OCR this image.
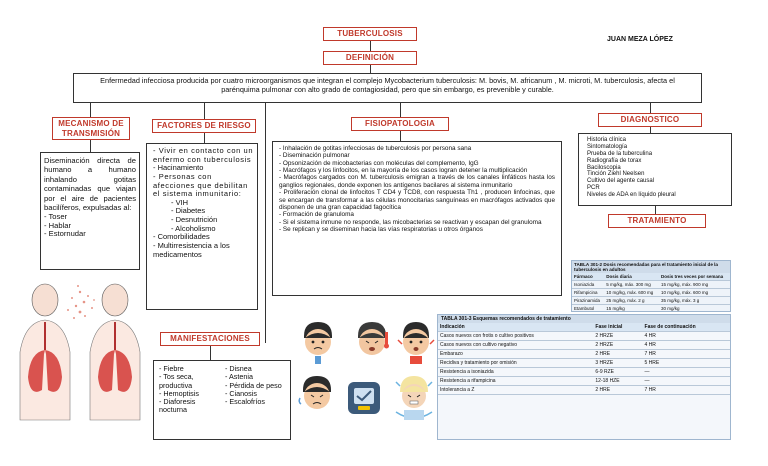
TUBERCULOSIS
DEFINICIÓN
JUAN MEZA LÓPEZ
Enfermedad infecciosa producida por cuatro microorganismos que integran el complejo Mycobacterium tuberculosis: M. bovis, M. africanum , M. microti, M. tuberculosis, afecta el parénquima pulmonar con alto grado de contagiosidad, pero que sin embargo, es prevenible y curable.
MECANISMO DE TRANSMISIÓN
Diseminación directa de humano a humano inhalando gotitas contaminadas que viajan por el aire de pacientes bacilíferos, expulsadas al:
- Toser
- Hablar
- Estornudar
FACTORES DE RIESGO
- Vivir en contacto con un enfermo con tuberculosis
- Hacinamiento
- Personas con afecciones que debilitan el sistema inmunitario:
- VIH
- Diabetes
- Desnutrición
- Alcoholismo
- Comorbilidades
- Multirresistencia a los medicamentos
FISIOPATOLOGIA
- Inhalación de gotitas infecciosas de tuberculosis por persona sana
- Diseminación pulmonar
- Opsonización de micobacterias con moléculas del complemento, IgG
- Macrófagos y los linfocitos, en la mayoría de los casos logran detener la multiplicación
- Macrófagos cargados con M. tuberculosis emigran a través de los canales linfáticos hasta los ganglios regionales, donde exponen los antígenos bacilares al sistema inmunitario
- Proliferación clonal de linfocitos T CD4 y TCD8, con respuesta Th1 , producen linfocinas, que se encargan de transformar a las células monocitarias sanguíneas en macrófagos activados que disponen de una gran capacidad fagocítica
- Formación de granuloma
- Si el sistema inmune no responde, las micobacterias se reactivan y escapan del granuloma
- Se replican y se diseminan hacia las vías respiratorias u otros órganos
DIAGNOSTICO
Historia clínica
Sintomatología
Prueba de la tuberculina
Radiografía de torax
Baciloscopia
Tinción Ziehl Neelsen
Cultivo del agente causal
PCR
Niveles de ADA en líquido pleural
TRATAMIENTO
TABLA 301-2 Dosis recomendadas para el tratamiento inicial de la tuberculosis en adultos
Fármaco	Dosis diaria	Dosis tres veces por semana
Isoniazida	5 mg/kg, máx. 300 mg	15 mg/kg, máx. 900 mg
Rifampicina	10 mg/kg, máx. 600 mg	10 mg/kg, máx. 600 mg
Pirazinamida	25 mg/kg, máx. 2 g	35 mg/kg, máx. 3 g
Etambutol	15 mg/kg	30 mg/kg
TABLA 301-3 Esquemas recomendados de tratamiento
Indicación	Fase inicial	Fase de continuación
Casos nuevos con frotis o cultivo positivos	2 HRZE	4 HR
Casos nuevos con cultivo negativo	2 HRZE	4 HR
Embarazo	2 HRE	7 HR
Recidiva y tratamiento por omisión	3 HRZE	5 HRE
Resistencia a isoniazida	6-9 RZE	—
Resistencia a rifampicina	12-18 HZE	—
Intolerancia a Z	2 HRE	7 HR
MANIFESTACIONES
- Fiebre
- Tos seca, productiva
- Hemoptisis
- Diaforesis nocturna
- Disnea
- Astenia
- Pérdida de peso
- Cianosis
- Escalofríos
